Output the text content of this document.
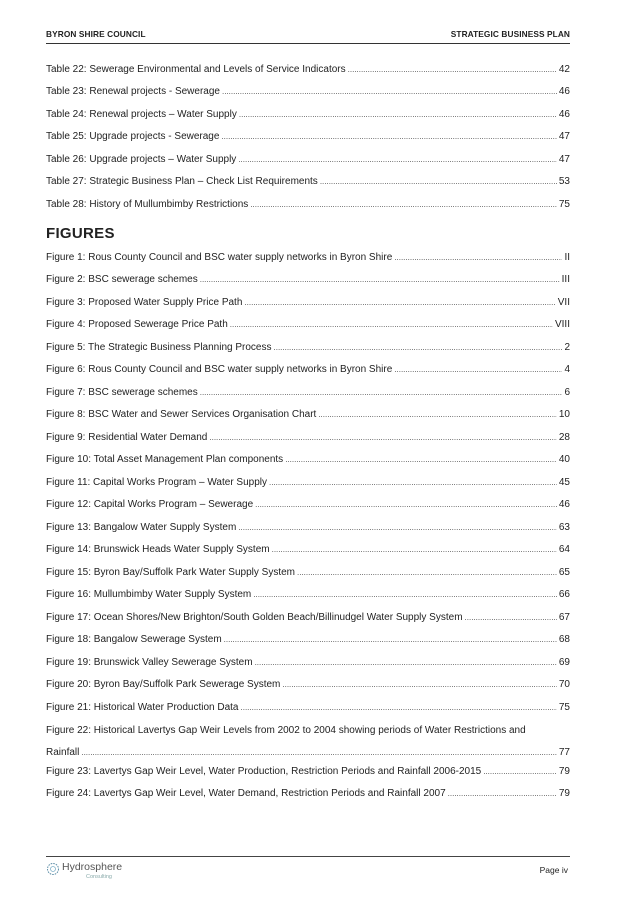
BYRON SHIRE COUNCIL	STRATEGIC BUSINESS PLAN
Table 22: Sewerage Environmental and Levels of Service Indicators .....	42
Table 23: Renewal projects - Sewerage .....	46
Table 24: Renewal projects – Water Supply .....	46
Table 25: Upgrade projects - Sewerage .....	47
Table 26: Upgrade projects – Water Supply .....	47
Table 27: Strategic Business Plan – Check List Requirements .....	53
Table 28: History of Mullumbimby Restrictions .....	75
FIGURES
Figure 1: Rous County Council and BSC water supply networks in Byron Shire .....	II
Figure 2: BSC sewerage schemes .....	III
Figure 3: Proposed Water Supply Price Path .....	VII
Figure 4: Proposed Sewerage Price Path .....	VIII
Figure 5: The Strategic Business Planning Process .....	2
Figure 6: Rous County Council and BSC water supply networks in Byron Shire .....	4
Figure 7: BSC sewerage schemes .....	6
Figure 8: BSC Water and Sewer Services Organisation Chart .....	10
Figure 9: Residential Water Demand .....	28
Figure 10: Total Asset Management Plan components .....	40
Figure 11: Capital Works Program – Water Supply .....	45
Figure 12: Capital Works Program – Sewerage .....	46
Figure 13: Bangalow Water Supply System .....	63
Figure 14: Brunswick Heads Water Supply System .....	64
Figure 15: Byron Bay/Suffolk Park Water Supply System .....	65
Figure 16: Mullumbimby Water Supply System .....	66
Figure 17: Ocean Shores/New Brighton/South Golden Beach/Billinudgel Water Supply System .....	67
Figure 18: Bangalow Sewerage System .....	68
Figure 19: Brunswick Valley Sewerage System .....	69
Figure 20: Byron Bay/Suffolk Park Sewerage System .....	70
Figure 21: Historical Water Production Data .....	75
Figure 22: Historical Lavertys Gap Weir Levels from 2002 to 2004 showing periods of Water Restrictions and
Rainfall .....	77
Figure 23: Lavertys Gap Weir Level, Water Production, Restriction Periods and Rainfall 2006-2015 .....	79
Figure 24: Lavertys Gap Weir Level, Water Demand, Restriction Periods and Rainfall 2007 .....	79
Hydrosphere
Consulting
Page iv
